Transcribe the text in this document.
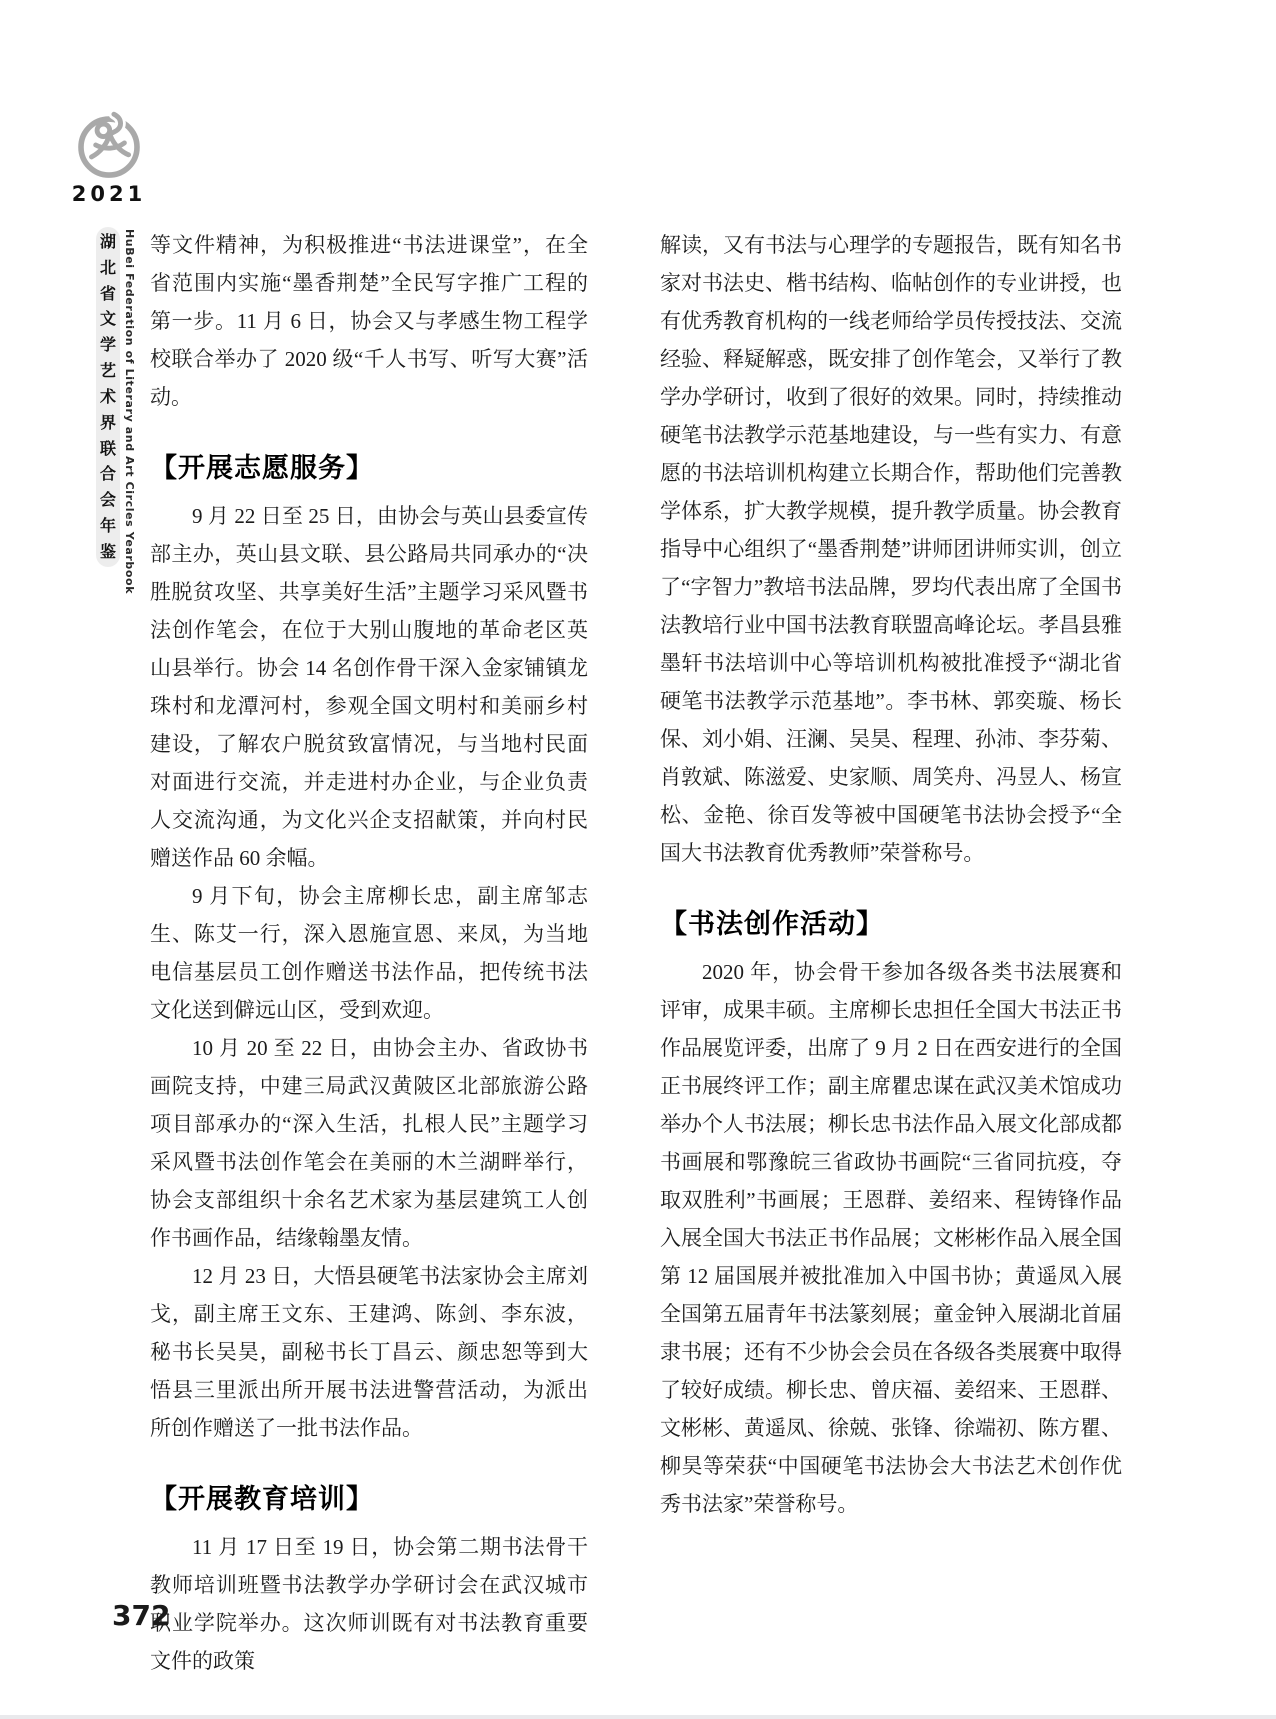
2021
湖
北
省
文
学
艺
术
界
联
合
会
年
鉴 HuBei Federation of Literary and Art Circles Yearbook 等文件精神，为积极推进“书法进课堂”，在全省范围内实施“墨香荆楚”全民写字推广工程的第一步。11 月 6 日，协会又与孝感生物工程学校联合举办了 2020 级“千人书写、听写大赛”活动。

【开展志愿服务】

9 月 22 日至 25 日，由协会与英山县委宣传部主办，英山县文联、县公路局共同承办的“决胜脱贫攻坚、共享美好生活”主题学习采风暨书法创作笔会，在位于大别山腹地的革命老区英山县举行。协会 14 名创作骨干深入金家铺镇龙珠村和龙潭河村，参观全国文明村和美丽乡村建设，了解农户脱贫致富情况，与当地村民面对面进行交流，并走进村办企业，与企业负责人交流沟通，为文化兴企支招献策，并向村民赠送作品 60 余幅。

9 月下旬，协会主席柳长忠，副主席邹志生、陈艾一行，深入恩施宣恩、来凤，为当地电信基层员工创作赠送书法作品，把传统书法文化送到僻远山区，受到欢迎。

10 月 20 至 22 日，由协会主办、省政协书画院支持，中建三局武汉黄陂区北部旅游公路项目部承办的“深入生活，扎根人民”主题学习采风暨书法创作笔会在美丽的木兰湖畔举行，协会支部组织十余名艺术家为基层建筑工人创作书画作品，结缘翰墨友情。

12 月 23 日，大悟县硬笔书法家协会主席刘戈，副主席王文东、王建鸿、陈剑、李东波，秘书长吴昊，副秘书长丁昌云、颜忠恕等到大悟县三里派出所开展书法进警营活动，为派出所创作赠送了一批书法作品。

【开展教育培训】

11 月 17 日至 19 日，协会第二期书法骨干教师培训班暨书法教学办学研讨会在武汉城市职业学院举办。这次师训既有对书法教育重要文件的政策

解读，又有书法与心理学的专题报告，既有知名书家对书法史、楷书结构、临帖创作的专业讲授，也有优秀教育机构的一线老师给学员传授技法、交流经验、释疑解惑，既安排了创作笔会，又举行了教学办学研讨，收到了很好的效果。同时，持续推动硬笔书法教学示范基地建设，与一些有实力、有意愿的书法培训机构建立长期合作，帮助他们完善教学体系，扩大教学规模，提升教学质量。协会教育指导中心组织了“墨香荆楚”讲师团讲师实训，创立了“字智力”教培书法品牌，罗均代表出席了全国书法教培行业中国书法教育联盟高峰论坛。孝昌县雅墨轩书法培训中心等培训机构被批准授予“湖北省硬笔书法教学示范基地”。李书林、郭奕璇、杨长保、刘小娟、汪澜、吴昊、程理、孙沛、李芬菊、肖敦斌、陈滋爱、史家顺、周笑舟、冯昱人、杨宣松、金艳、徐百发等被中国硬笔书法协会授予“全国大书法教育优秀教师”荣誉称号。

【书法创作活动】

2020 年，协会骨干参加各级各类书法展赛和评审，成果丰硕。主席柳长忠担任全国大书法正书作品展览评委，出席了 9 月 2 日在西安进行的全国正书展终评工作；副主席瞿忠谋在武汉美术馆成功举办个人书法展；柳长忠书法作品入展文化部成都书画展和鄂豫皖三省政协书画院“三省同抗疫，夺取双胜利”书画展；王恩群、姜绍来、程铸锋作品入展全国大书法正书作品展；文彬彬作品入展全国第 12 届国展并被批准加入中国书协；黄遥凤入展全国第五届青年书法篆刻展；童金钟入展湖北首届隶书展；还有不少协会会员在各级各类展赛中取得了较好成绩。柳长忠、曾庆福、姜绍来、王恩群、文彬彬、黄遥凤、徐兢、张锋、徐端初、陈方瞿、柳昊等荣获“中国硬笔书法协会大书法艺术创作优秀书法家”荣誉称号。

372
